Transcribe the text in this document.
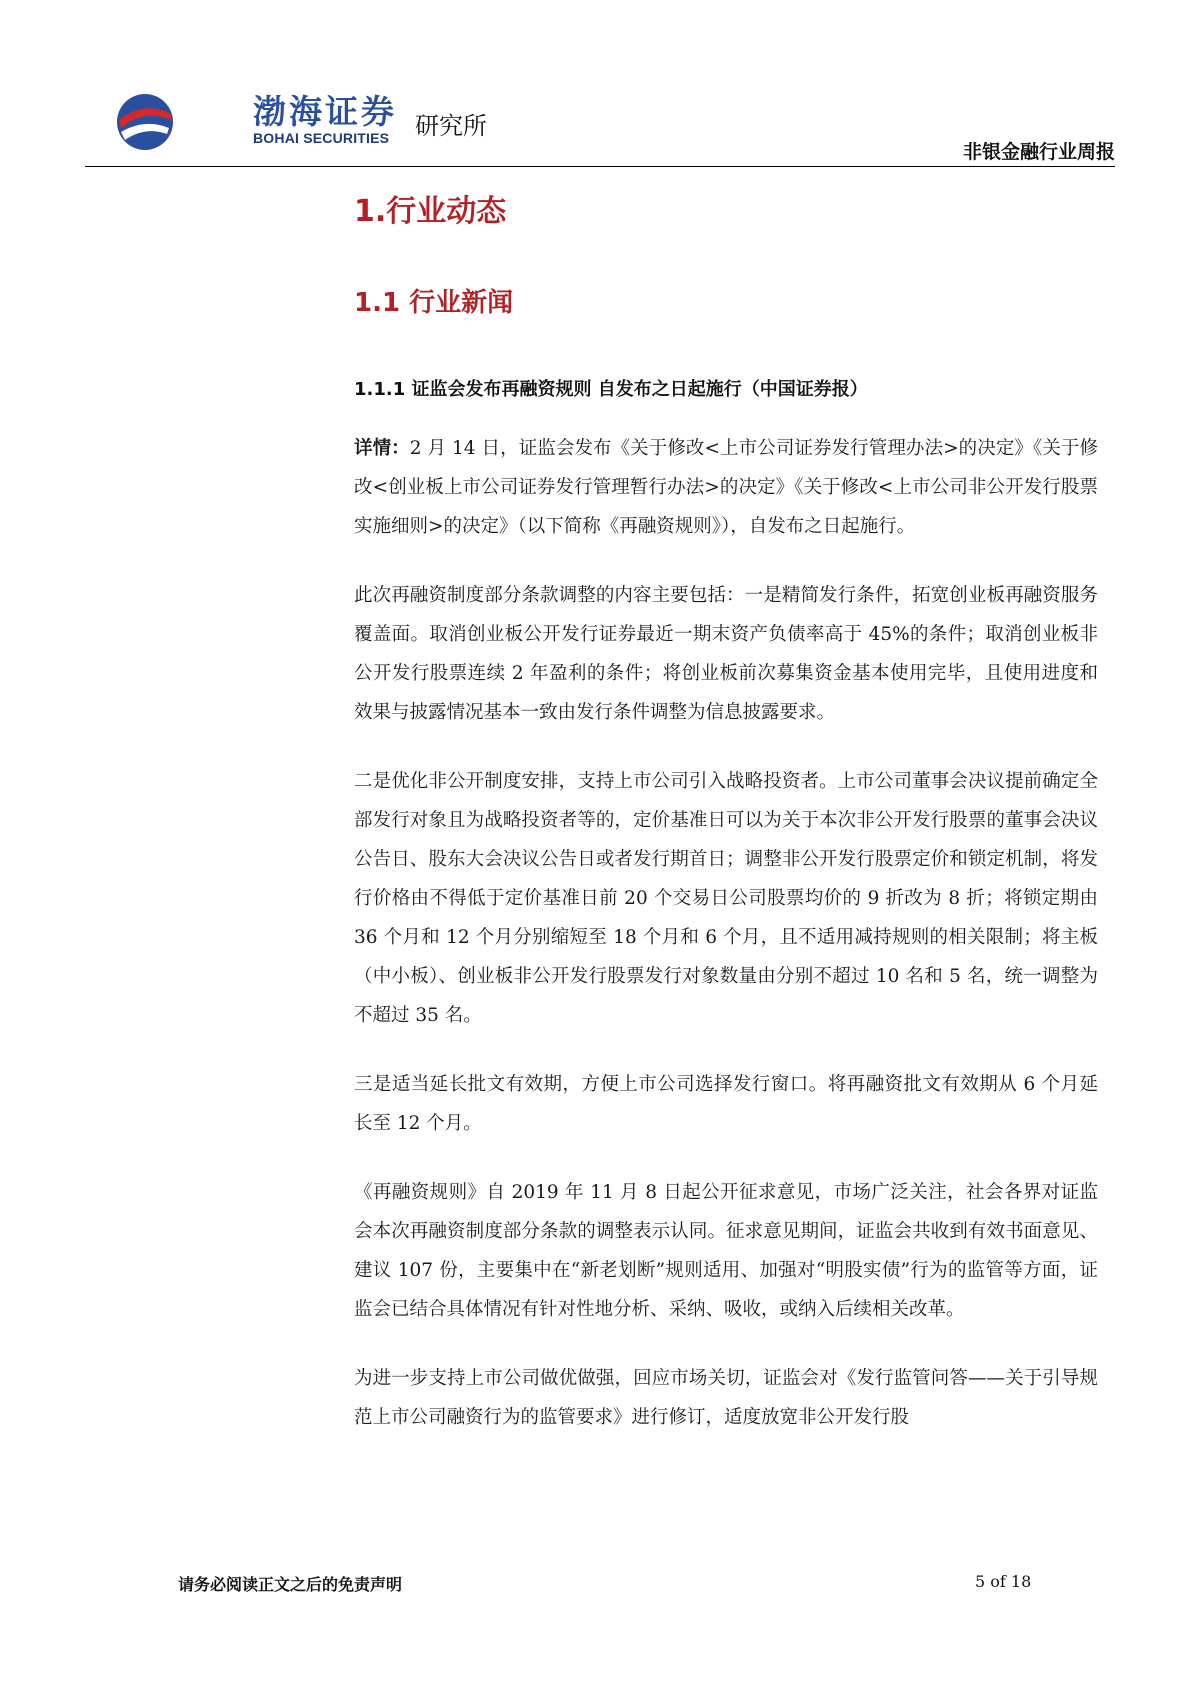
渤海证券
BOHAI SECURITIES 研究所
非银金融行业周报
1.行业动态
1.1 行业新闻
1.1.1 证监会发布再融资规则 自发布之日起施行（中国证券报）

详情：2 月 14 日，证监会发布《关于修改<上市公司证券发行管理办法>的决定》《关于修改<创业板上市公司证券发行管理暂行办法>的决定》《关于修改<上市公司非公开发行股票实施细则>的决定》（以下简称《再融资规则》），自发布之日起施行。

此次再融资制度部分条款调整的内容主要包括：一是精简发行条件，拓宽创业板再融资服务覆盖面。取消创业板公开发行证券最近一期末资产负债率高于 45%的条件；取消创业板非公开发行股票连续 2 年盈利的条件；将创业板前次募集资金基本使用完毕，且使用进度和效果与披露情况基本一致由发行条件调整为信息披露要求。

二是优化非公开制度安排，支持上市公司引入战略投资者。上市公司董事会决议提前确定全部发行对象且为战略投资者等的，定价基准日可以为关于本次非公开发行股票的董事会决议公告日、股东大会决议公告日或者发行期首日；调整非公开发行股票定价和锁定机制，将发行价格由不得低于定价基准日前 20 个交易日公司股票均价的 9 折改为 8 折；将锁定期由 36 个月和 12 个月分别缩短至 18 个月和 6 个月，且不适用减持规则的相关限制；将主板（中小板）、创业板非公开发行股票发行对象数量由分别不超过 10 名和 5 名，统一调整为不超过 35 名。

三是适当延长批文有效期，方便上市公司选择发行窗口。将再融资批文有效期从 6 个月延长至 12 个月。

《再融资规则》自 2019 年 11 月 8 日起公开征求意见，市场广泛关注，社会各界对证监会本次再融资制度部分条款的调整表示认同。征求意见期间，证监会共收到有效书面意见、建议 107 份，主要集中在“新老划断”规则适用、加强对“明股实债”行为的监管等方面，证监会已结合具体情况有针对性地分析、采纳、吸收，或纳入后续相关改革。

为进一步支持上市公司做优做强，回应市场关切，证监会对《发行监管问答——关于引导规范上市公司融资行为的监管要求》进行修订，适度放宽非公开发行股

请务必阅读正文之后的免责声明	5 of 18
